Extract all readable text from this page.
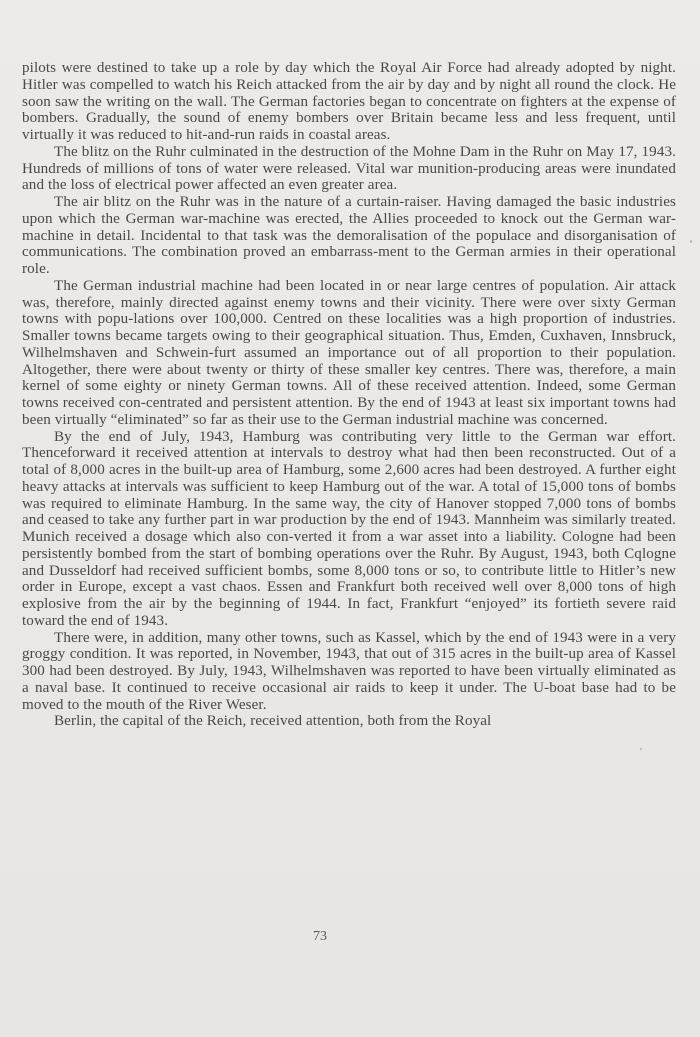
pilots were destined to take up a role by day which the Royal Air Force had already adopted by night. Hitler was compelled to watch his Reich attacked from the air by day and by night all round the clock. He soon saw the writing on the wall. The German factories began to concentrate on fighters at the expense of bombers. Gradually, the sound of enemy bombers over Britain became less and less frequent, until virtually it was reduced to hit-and-run raids in coastal areas.

The blitz on the Ruhr culminated in the destruction of the Mohne Dam in the Ruhr on May 17, 1943. Hundreds of millions of tons of water were released. Vital war munition-producing areas were inundated and the loss of electrical power affected an even greater area.

The air blitz on the Ruhr was in the nature of a curtain-raiser. Having damaged the basic industries upon which the German war-machine was erected, the Allies proceeded to knock out the German war-machine in detail. Incidental to that task was the demoralisation of the populace and disorganisation of communications. The combination proved an embarrass-ment to the German armies in their operational role.

The German industrial machine had been located in or near large centres of population. Air attack was, therefore, mainly directed against enemy towns and their vicinity. There were over sixty German towns with popu-lations over 100,000. Centred on these localities was a high proportion of industries. Smaller towns became targets owing to their geographical situation. Thus, Emden, Cuxhaven, Innsbruck, Wilhelmshaven and Schwein-furt assumed an importance out of all proportion to their population. Altogether, there were about twenty or thirty of these smaller key centres. There was, therefore, a main kernel of some eighty or ninety German towns. All of these received attention. Indeed, some German towns received con-centrated and persistent attention. By the end of 1943 at least six important towns had been virtually “eliminated” so far as their use to the German industrial machine was concerned.

By the end of July, 1943, Hamburg was contributing very little to the German war effort. Thenceforward it received attention at intervals to destroy what had then been reconstructed. Out of a total of 8,000 acres in the built-up area of Hamburg, some 2,600 acres had been destroyed. A further eight heavy attacks at intervals was sufficient to keep Hamburg out of the war. A total of 15,000 tons of bombs was required to eliminate Hamburg. In the same way, the city of Hanover stopped 7,000 tons of bombs and ceased to take any further part in war production by the end of 1943. Mannheim was similarly treated. Munich received a dosage which also con-verted it from a war asset into a liability. Cologne had been persistently bombed from the start of bombing operations over the Ruhr. By August, 1943, both Cqlogne and Dusseldorf had received sufficient bombs, some 8,000 tons or so, to contribute little to Hitler’s new order in Europe, except a vast chaos. Essen and Frankfurt both received well over 8,000 tons of high explosive from the air by the beginning of 1944. In fact, Frankfurt “enjoyed” its fortieth severe raid toward the end of 1943.

There were, in addition, many other towns, such as Kassel, which by the end of 1943 were in a very groggy condition. It was reported, in November, 1943, that out of 315 acres in the built-up area of Kassel 300 had been destroyed. By July, 1943, Wilhelmshaven was reported to have been virtually eliminated as a naval base. It continued to receive occasional air raids to keep it under. The U-boat base had to be moved to the mouth of the River Weser.

Berlin, the capital of the Reich, received attention, both from the Royal

73
